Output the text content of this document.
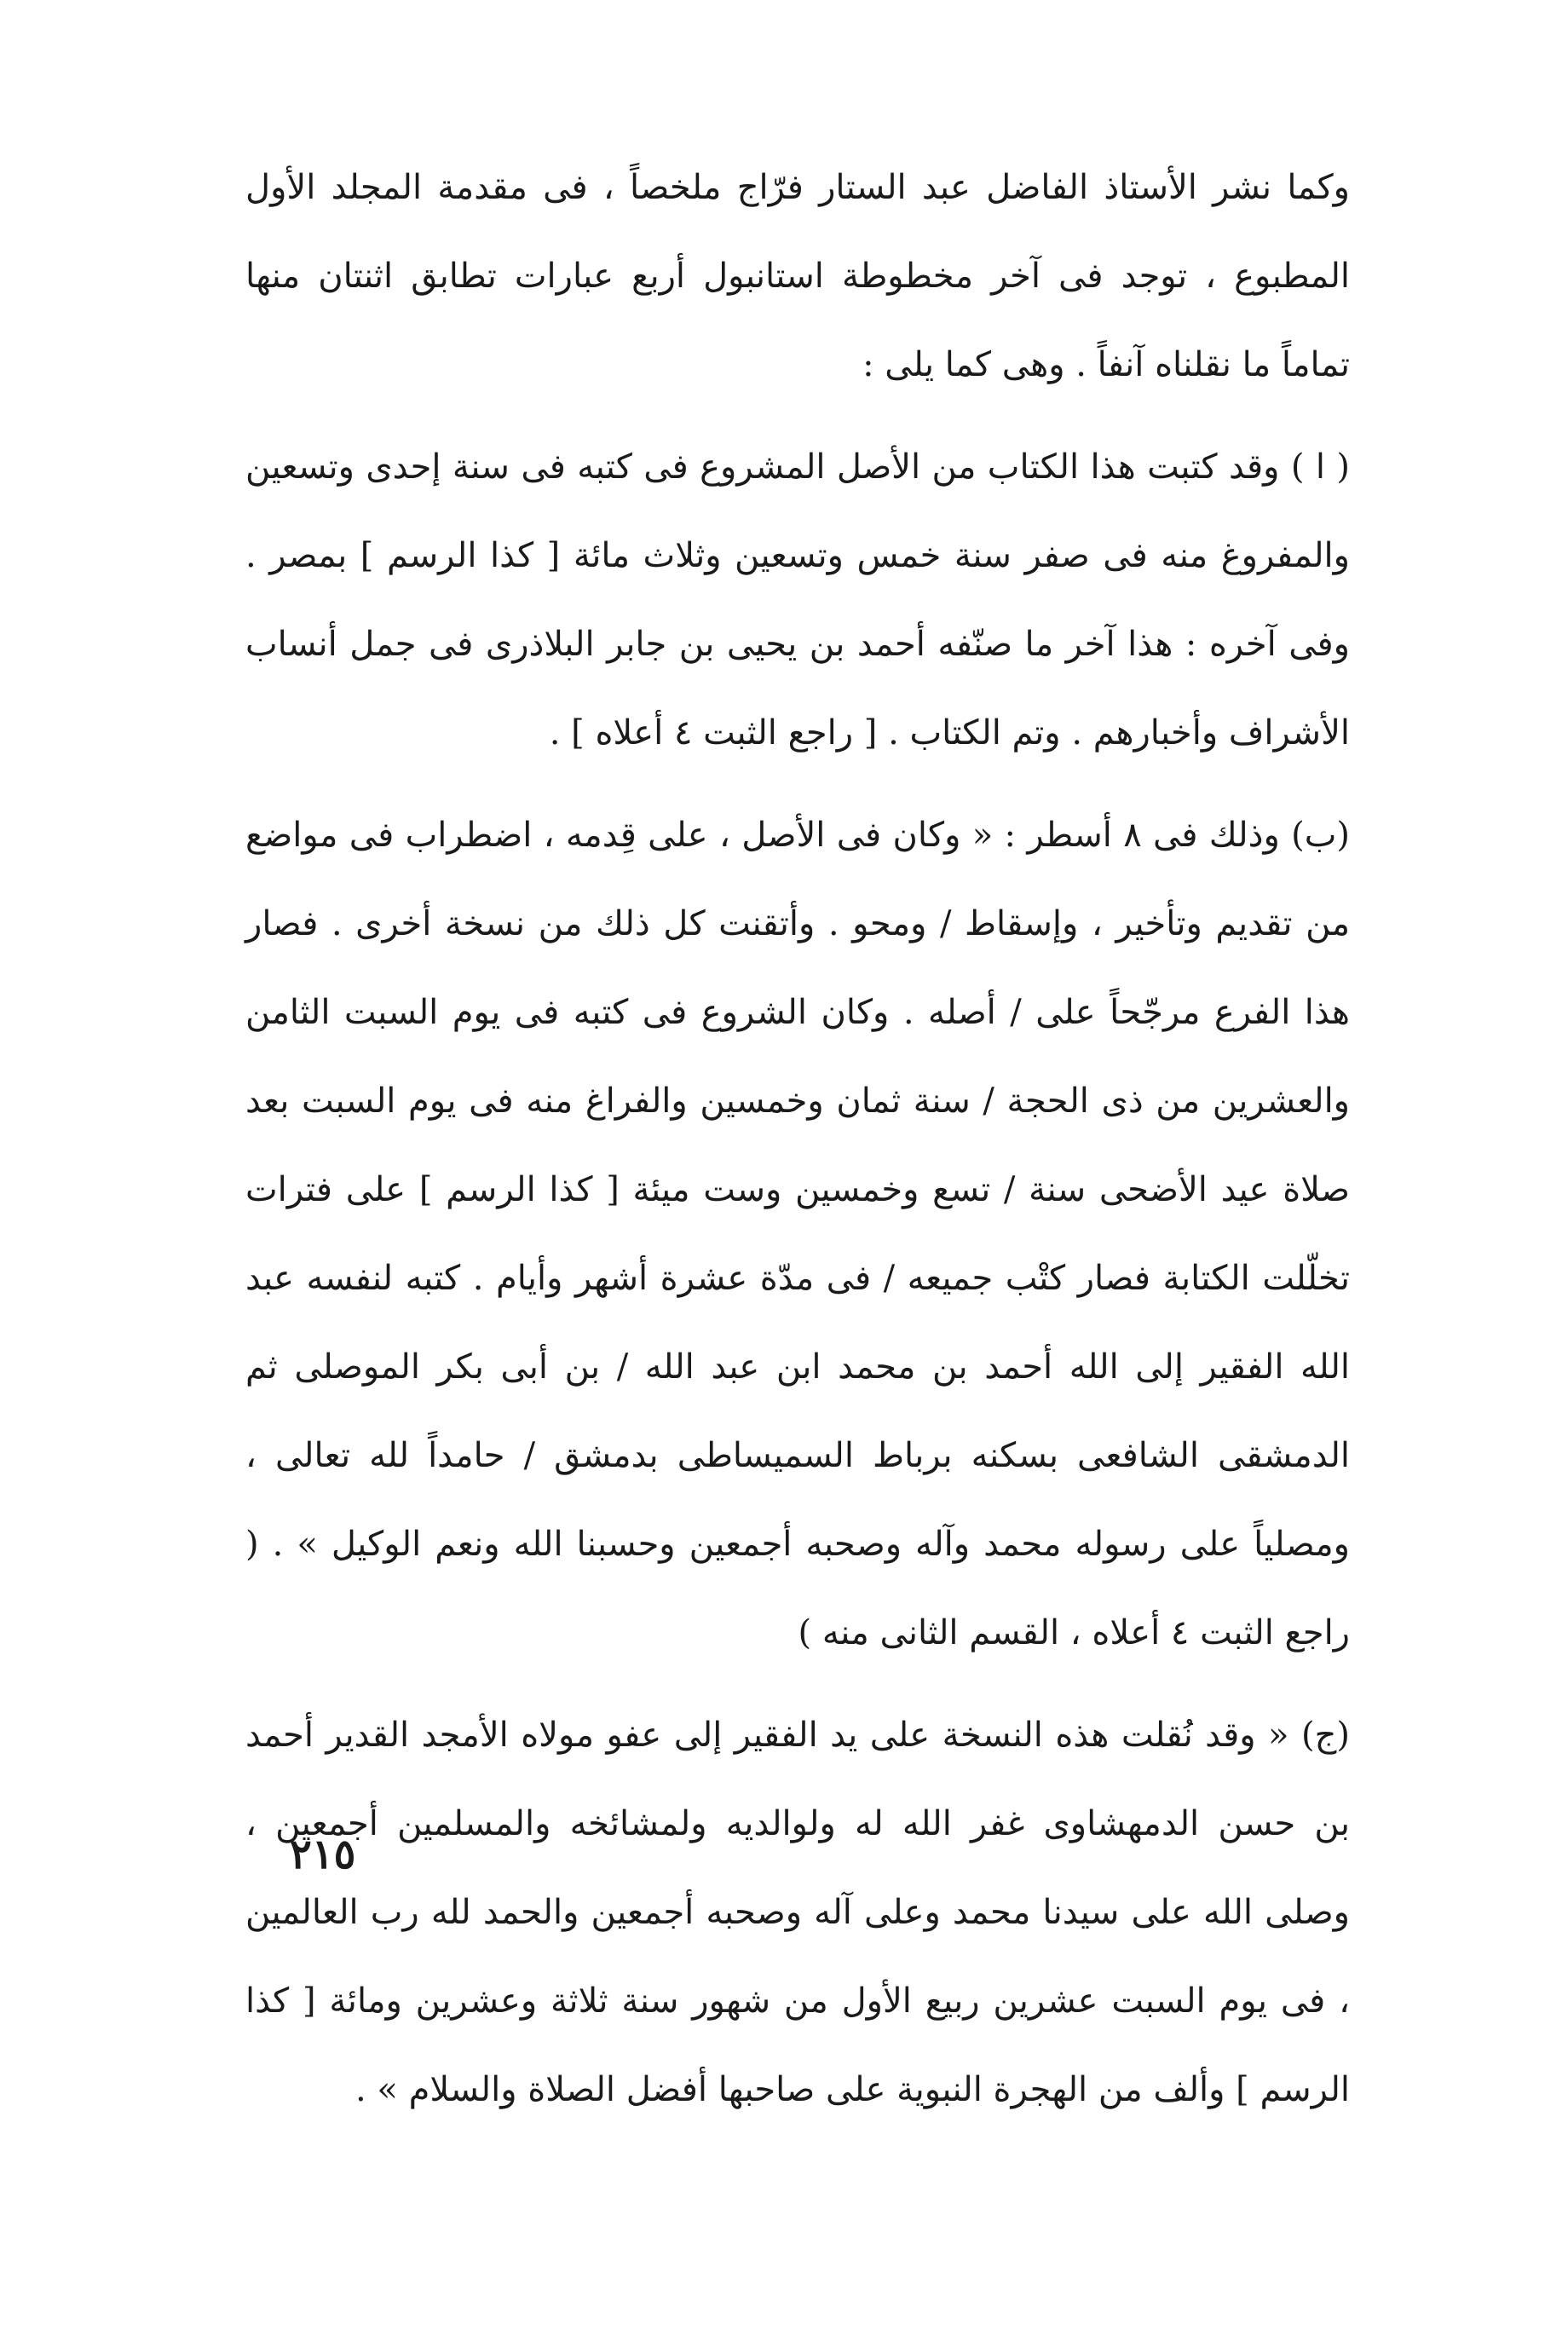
وكما نشر الأستاذ الفاضل عبد الستار فرّاج ملخصاً ، فى مقدمة المجلد الأول المطبوع ، توجد فى آخر مخطوطة استانبول أربع عبارات تطابق اثنتان منها تماماً ما نقلناه آنفاً . وهى كما يلى :

( ا ) وقد كتبت هذا الكتاب من الأصل المشروع فى كتبه فى سنة إحدى وتسعين والمفروغ منه فى صفر سنة خمس وتسعين وثلاث مائة [ كذا الرسم ] بمصر . وفى آخره : هذا آخر ما صنّفه أحمد بن يحيى بن جابر البلاذرى فى جمل أنساب الأشراف وأخبارهم . وتم الكتاب . [ راجع الثبت ٤ أعلاه ] .

(ب) وذلك فى ٨ أسطر : « وكان فى الأصل ، على قِدمه ، اضطراب فى مواضع من تقديم وتأخير ، وإسقاط / ومحو . وأتقنت كل ذلك من نسخة أخرى . فصار هذا الفرع مرجّحاً على / أصله . وكان الشروع فى كتبه فى يوم السبت الثامن والعشرين من ذى الحجة / سنة ثمان وخمسين والفراغ منه فى يوم السبت بعد صلاة عيد الأضحى سنة / تسع وخمسين وست ميئة [ كذا الرسم ] على فترات تخلّلت الكتابة فصار كتْب جميعه / فى مدّة عشرة أشهر وأيام . كتبه لنفسه عبد الله الفقير إلى الله أحمد بن محمد ابن عبد الله / بن أبى بكر الموصلى ثم الدمشقى الشافعى بسكنه برباط السميساطى بدمشق / حامداً لله تعالى ، ومصلياً على رسوله محمد وآله وصحبه أجمعين وحسبنا الله ونعم الوكيل » . ( راجع الثبت ٤ أعلاه ، القسم الثانى منه )

(ج) « وقد نُقلت هذه النسخة على يد الفقير إلى عفو مولاه الأمجد القدير أحمد بن حسن الدمهشاوى غفر الله له ولوالديه ولمشائخه والمسلمين أجمعين ، وصلى الله على سيدنا محمد وعلى آله وصحبه أجمعين والحمد لله رب العالمين ، فى يوم السبت عشرين ربيع الأول من شهور سنة ثلاثة وعشرين ومائة [ كذا الرسم ] وألف من الهجرة النبوية على صاحبها أفضل الصلاة والسلام » .

٢١٥
